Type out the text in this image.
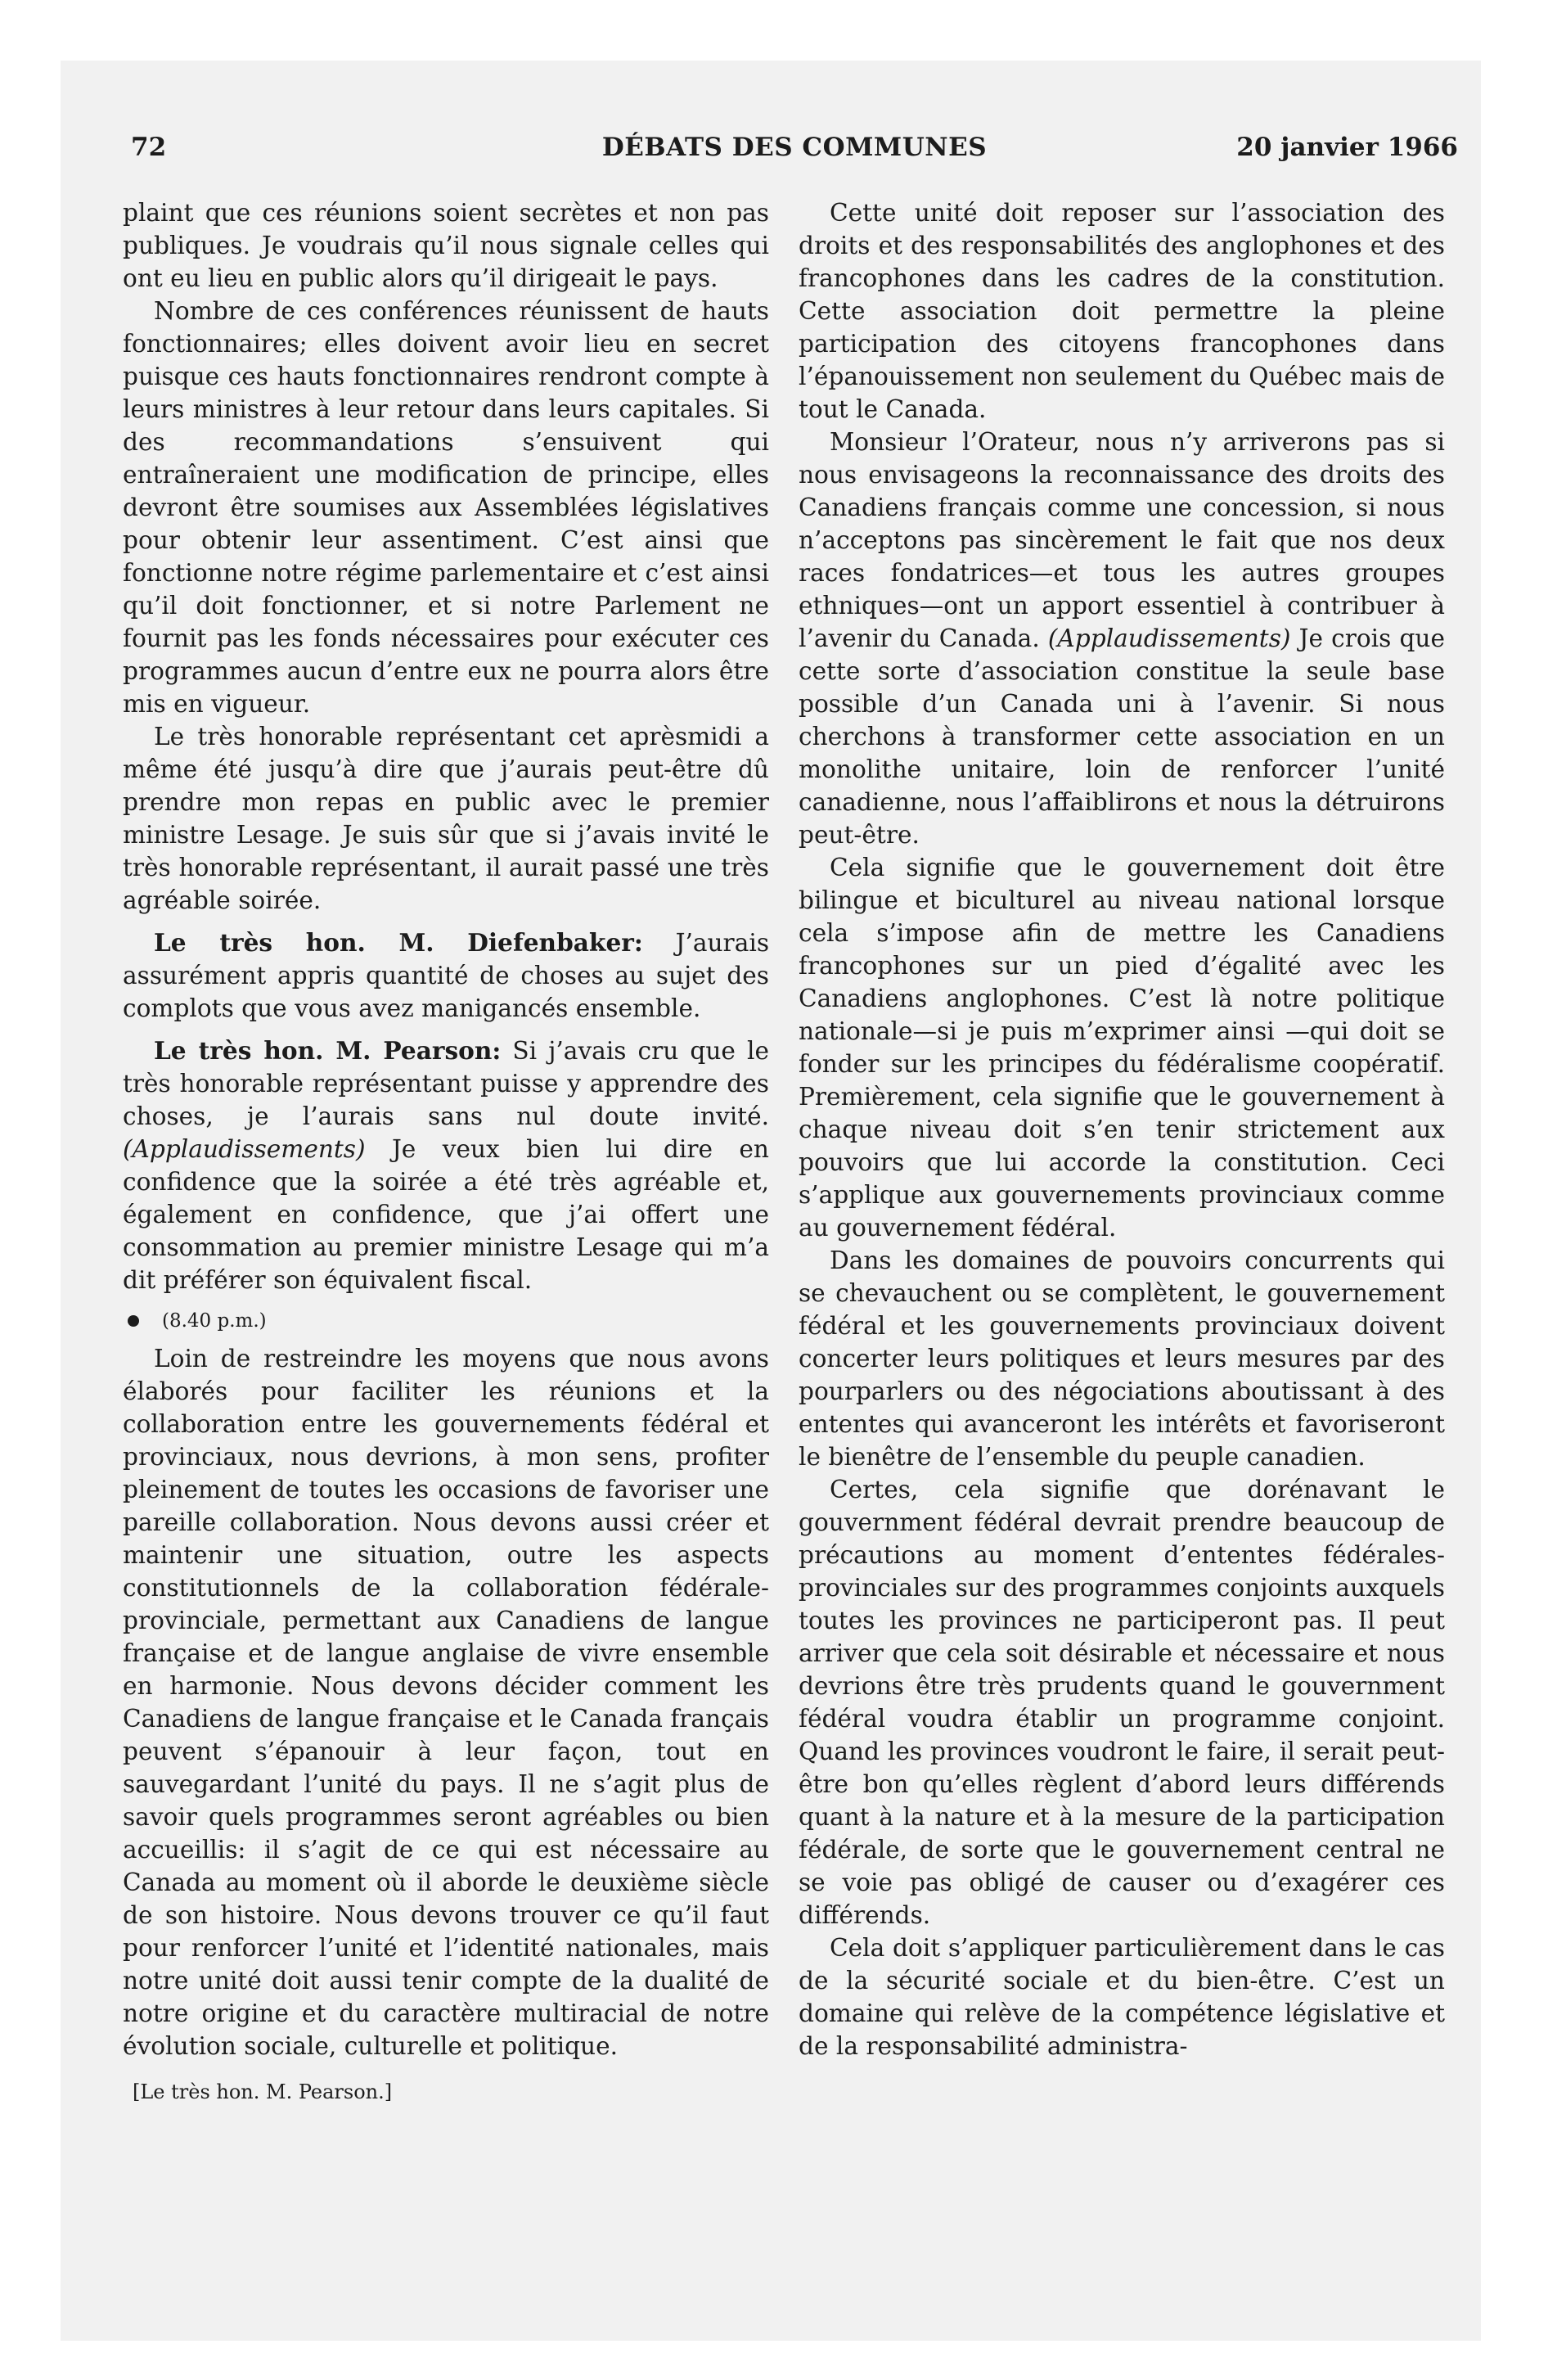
72	DÉBATS DES COMMUNES	20 janvier 1966

plaint que ces réunions soient secrètes et non pas publiques. Je voudrais qu’il nous signale celles qui ont eu lieu en public alors qu’il dirigeait le pays.

Nombre de ces conférences réunissent de hauts fonctionnaires; elles doivent avoir lieu en secret puisque ces hauts fonctionnaires rendront compte à leurs ministres à leur retour dans leurs capitales. Si des recommandations s’ensuivent qui entraîneraient une modification de principe, elles devront être soumises aux Assemblées législatives pour obtenir leur assentiment. C’est ainsi que fonctionne notre régime parlementaire et c’est ainsi qu’il doit fonctionner, et si notre Parlement ne fournit pas les fonds nécessaires pour exécuter ces programmes aucun d’entre eux ne pourra alors être mis en vigueur.

Le très honorable représentant cet aprèsmidi a même été jusqu’à dire que j’aurais peut-être dû prendre mon repas en public avec le premier ministre Lesage. Je suis sûr que si j’avais invité le très honorable représentant, il aurait passé une très agréable soirée.

Le très hon. M. Diefenbaker: J’aurais assurément appris quantité de choses au sujet des complots que vous avez manigancés ensemble.

Le très hon. M. Pearson: Si j’avais cru que le très honorable représentant puisse y apprendre des choses, je l’aurais sans nul doute invité. (Applaudissements) Je veux bien lui dire en confidence que la soirée a été très agréable et, également en confidence, que j’ai offert une consommation au premier ministre Lesage qui m’a dit préférer son équivalent fiscal.

(8.40 p.m.)

Loin de restreindre les moyens que nous avons élaborés pour faciliter les réunions et la collaboration entre les gouvernements fédéral et provinciaux, nous devrions, à mon sens, profiter pleinement de toutes les occasions de favoriser une pareille collaboration. Nous devons aussi créer et maintenir une situation, outre les aspects constitutionnels de la collaboration fédérale-provinciale, permettant aux Canadiens de langue française et de langue anglaise de vivre ensemble en harmonie. Nous devons décider comment les Canadiens de langue française et le Canada français peuvent s’épanouir à leur façon, tout en sauvegardant l’unité du pays. Il ne s’agit plus de savoir quels programmes seront agréables ou bien accueillis: il s’agit de ce qui est nécessaire au Canada au moment où il aborde le deuxième siècle de son histoire. Nous devons trouver ce qu’il faut pour renforcer l’unité et l’identité nationales, mais notre unité doit aussi tenir compte de la dualité de notre origine et du caractère multiracial de notre évolution sociale, culturelle et politique.

[Le très hon. M. Pearson.]

Cette unité doit reposer sur l’association des droits et des responsabilités des anglophones et des francophones dans les cadres de la constitution. Cette association doit permettre la pleine participation des citoyens francophones dans l’épanouissement non seulement du Québec mais de tout le Canada.

Monsieur l’Orateur, nous n’y arriverons pas si nous envisageons la reconnaissance des droits des Canadiens français comme une concession, si nous n’acceptons pas sincèrement le fait que nos deux races fondatrices—et tous les autres groupes ethniques—ont un apport essentiel à contribuer à l’avenir du Canada. (Applaudissements) Je crois que cette sorte d’association constitue la seule base possible d’un Canada uni à l’avenir. Si nous cherchons à transformer cette association en un monolithe unitaire, loin de renforcer l’unité canadienne, nous l’affaiblirons et nous la détruirons peut-être.

Cela signifie que le gouvernement doit être bilingue et biculturel au niveau national lorsque cela s’impose afin de mettre les Canadiens francophones sur un pied d’égalité avec les Canadiens anglophones. C’est là notre politique nationale—si je puis m’exprimer ainsi —qui doit se fonder sur les principes du fédéralisme coopératif. Premièrement, cela signifie que le gouvernement à chaque niveau doit s’en tenir strictement aux pouvoirs que lui accorde la constitution. Ceci s’applique aux gouvernements provinciaux comme au gouvernement fédéral.

Dans les domaines de pouvoirs concurrents qui se chevauchent ou se complètent, le gouvernement fédéral et les gouvernements provinciaux doivent concerter leurs politiques et leurs mesures par des pourparlers ou des négociations aboutissant à des ententes qui avanceront les intérêts et favoriseront le bienêtre de l’ensemble du peuple canadien.

Certes, cela signifie que dorénavant le gouvernment fédéral devrait prendre beaucoup de précautions au moment d’ententes fédérales-provinciales sur des programmes conjoints auxquels toutes les provinces ne participeront pas. Il peut arriver que cela soit désirable et nécessaire et nous devrions être très prudents quand le gouvernment fédéral voudra établir un programme conjoint. Quand les provinces voudront le faire, il serait peut-être bon qu’elles règlent d’abord leurs différends quant à la nature et à la mesure de la participation fédérale, de sorte que le gouvernement central ne se voie pas obligé de causer ou d’exagérer ces différends.

Cela doit s’appliquer particulièrement dans le cas de la sécurité sociale et du bien-être. C’est un domaine qui relève de la compétence législative et de la responsabilité administra-
